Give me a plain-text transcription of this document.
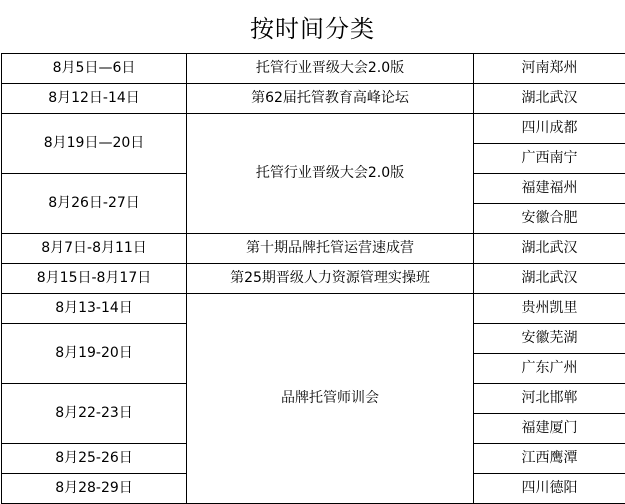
按时间分类
8月5日—6日	托管行业晋级大会2.0版	河南郑州
8月12日-14日	第62届托管教育高峰论坛	湖北武汉
8月19日—20日	托管行业晋级大会2.0版	四川成都
		广西南宁
8月26日-27日		福建福州
		安徽合肥
8月7日-8月11日	第十期品牌托管运营速成营	湖北武汉
8月15日-8月17日	第25期晋级人力资源管理实操班	湖北武汉
8月13-14日	品牌托管师训会	贵州凯里
8月19-20日		安徽芜湖
		广东广州
8月22-23日		河北邯郸
		福建厦门
8月25-26日		江西鹰潭
8月28-29日		四川德阳
